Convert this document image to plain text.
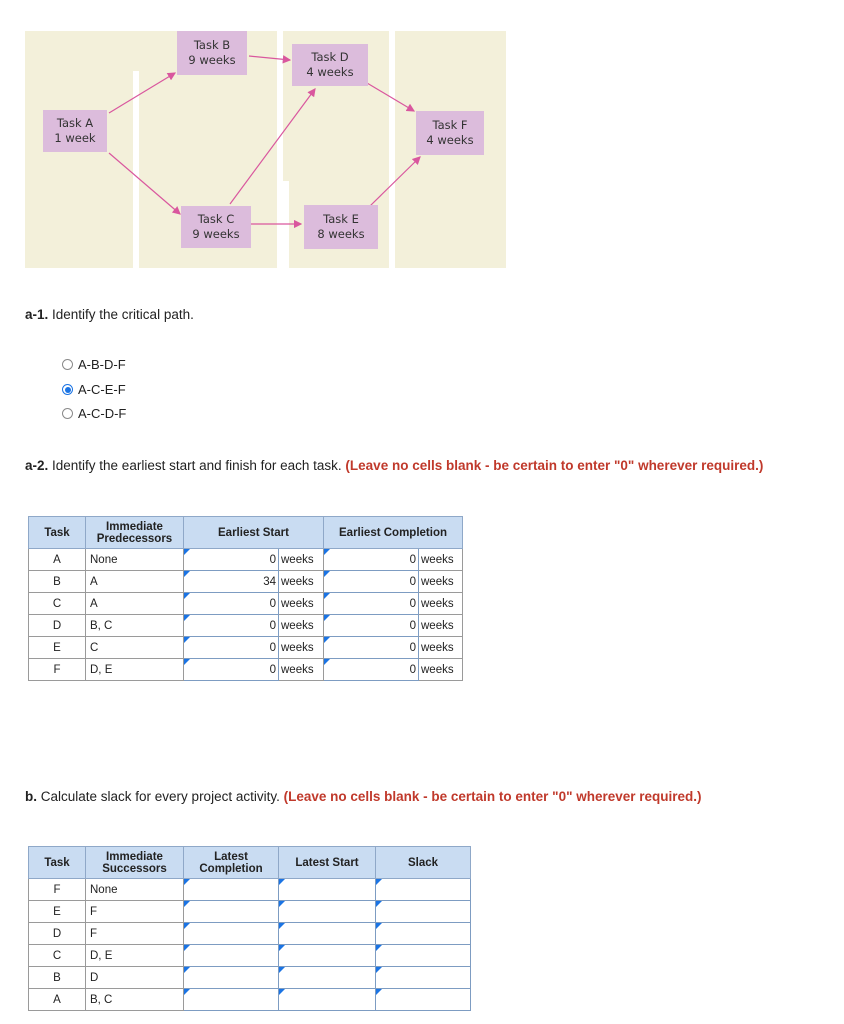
Task A
1 week
Task B
9 weeks
Task C
9 weeks
Task D
4 weeks
Task E
8 weeks
Task F
4 weeks
a-1. Identify the critical path.
A-B-D-F
A-C-E-F
A-C-D-F
a-2. Identify the earliest start and finish for each task. (Leave no cells blank - be certain to enter "0" wherever required.)
Task	Immediate Predecessors	Earliest Start		Earliest Completion	
A	None	0	weeks	0	weeks
B	A	34	weeks	0	weeks
C	A	0	weeks	0	weeks
D	B, C	0	weeks	0	weeks
E	C	0	weeks	0	weeks
F	D, E	0	weeks	0	weeks
b. Calculate slack for every project activity. (Leave no cells blank - be certain to enter "0" wherever required.)
Task	Immediate Successors	Latest Completion	Latest Start	Slack
F	None	

E	F	

D	F	

C	D, E	

B	D	

A	B, C	
